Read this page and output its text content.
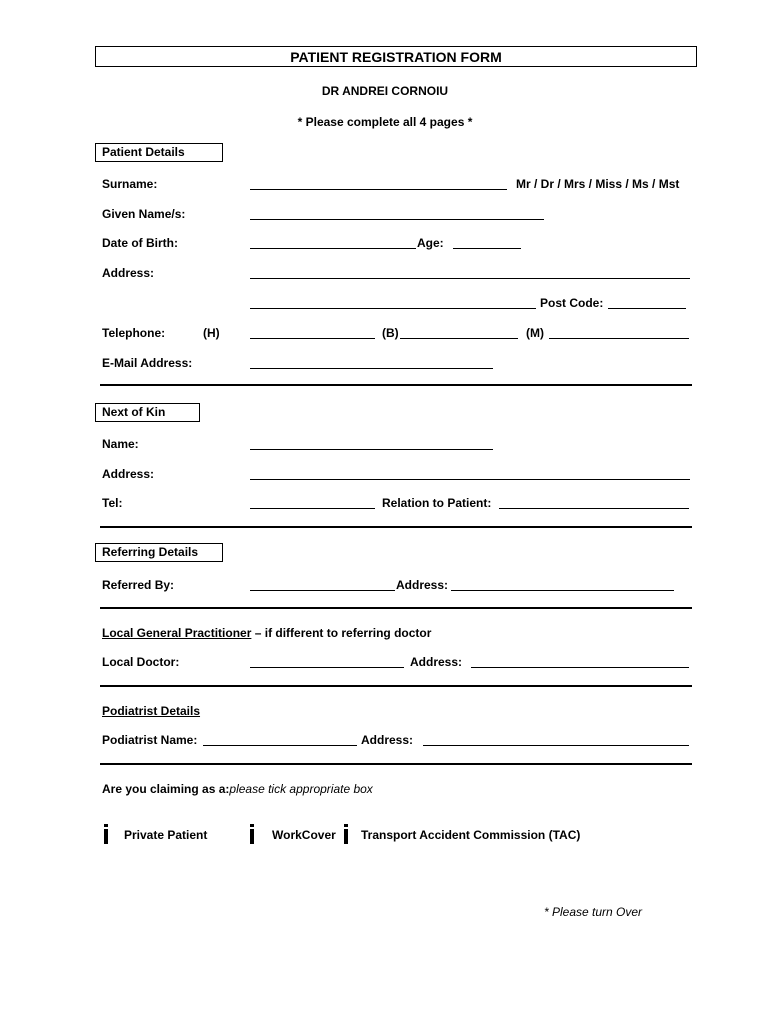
PATIENT REGISTRATION FORM
DR ANDREI CORNOIU
* Please complete all 4 pages *
Patient Details
Surname:	Mr / Dr / Mrs / Miss / Ms / Mst
Given Name/s:
Date of Birth:	Age:
Address:
Post Code:
Telephone:	(H)	(B)	(M)
E-Mail Address:
Next of Kin
Name:
Address:
Tel:	Relation to Patient:
Referring Details
Referred By:	Address:
Local General Practitioner – if different to referring doctor
Local Doctor:	Address:
Podiatrist Details
Podiatrist Name:	Address:
Are you claiming as a:please tick appropriate box
Private Patient	WorkCover Transport Accident Commission (TAC)
* Please turn Over
